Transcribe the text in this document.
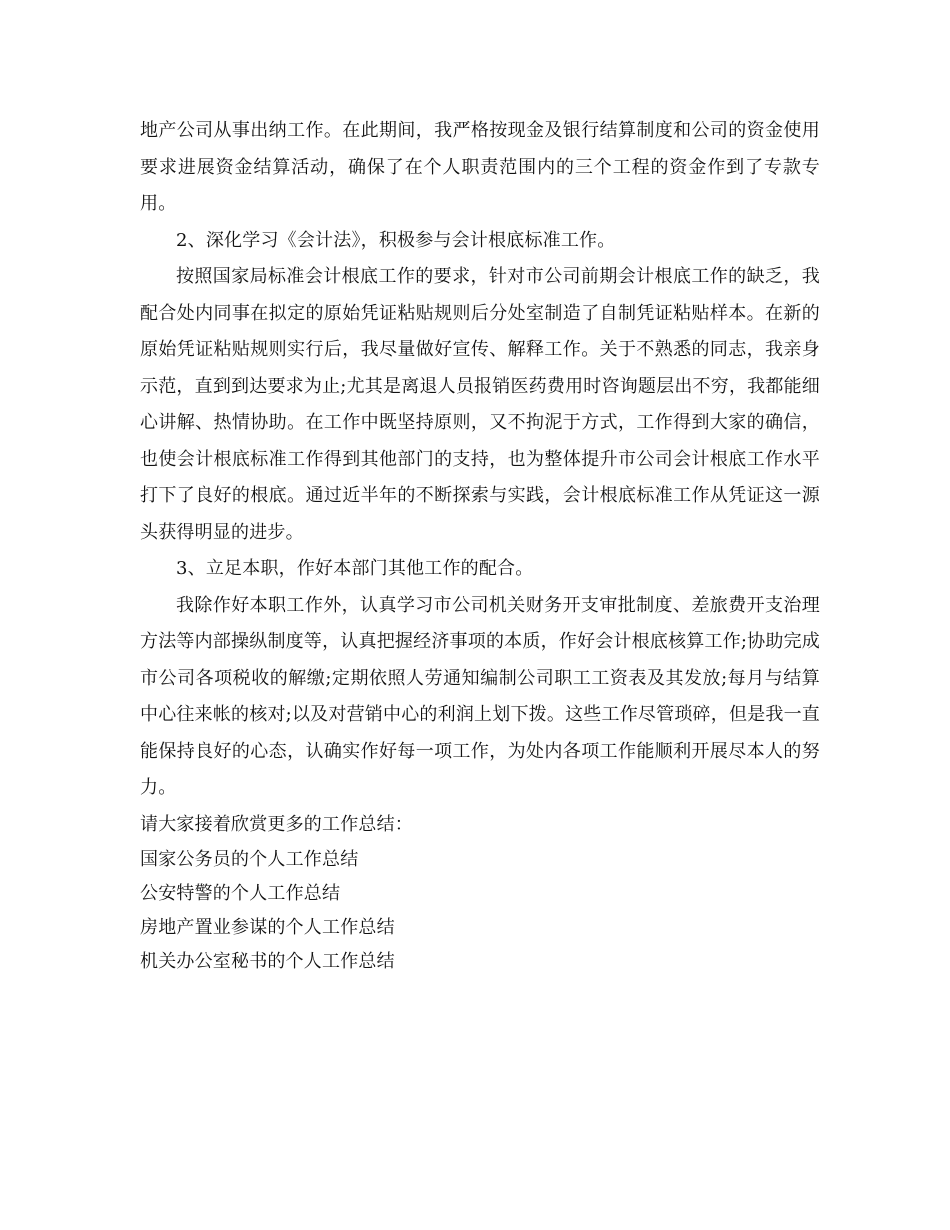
地产公司从事出纳工作。在此期间，我严格按现金及银行结算制度和公司的资金使用要求进展资金结算活动，确保了在个人职责范围内的三个工程的资金作到了专款专用。

2、深化学习《会计法》，积极参与会计根底标准工作。

按照国家局标准会计根底工作的要求，针对市公司前期会计根底工作的缺乏，我配合处内同事在拟定的原始凭证粘贴规则后分处室制造了自制凭证粘贴样本。在新的原始凭证粘贴规则实行后，我尽量做好宣传、解释工作。关于不熟悉的同志，我亲身示范，直到到达要求为止;尤其是离退人员报销医药费用时咨询题层出不穷，我都能细心讲解、热情协助。在工作中既坚持原则，又不拘泥于方式，工作得到大家的确信，也使会计根底标准工作得到其他部门的支持，也为整体提升市公司会计根底工作水平打下了良好的根底。通过近半年的不断探索与实践，会计根底标准工作从凭证这一源头获得明显的进步。

3、立足本职，作好本部门其他工作的配合。

我除作好本职工作外，认真学习市公司机关财务开支审批制度、差旅费开支治理方法等内部操纵制度等，认真把握经济事项的本质，作好会计根底核算工作;协助完成市公司各项税收的解缴;定期依照人劳通知编制公司职工工资表及其发放;每月与结算中心往来帐的核对;以及对营销中心的利润上划下拨。这些工作尽管琐碎，但是我一直能保持良好的心态，认确实作好每一项工作，为处内各项工作能顺利开展尽本人的努力。

请大家接着欣赏更多的工作总结：

国家公务员的个人工作总结
公安特警的个人工作总结
房地产置业参谋的个人工作总结
机关办公室秘书的个人工作总结
